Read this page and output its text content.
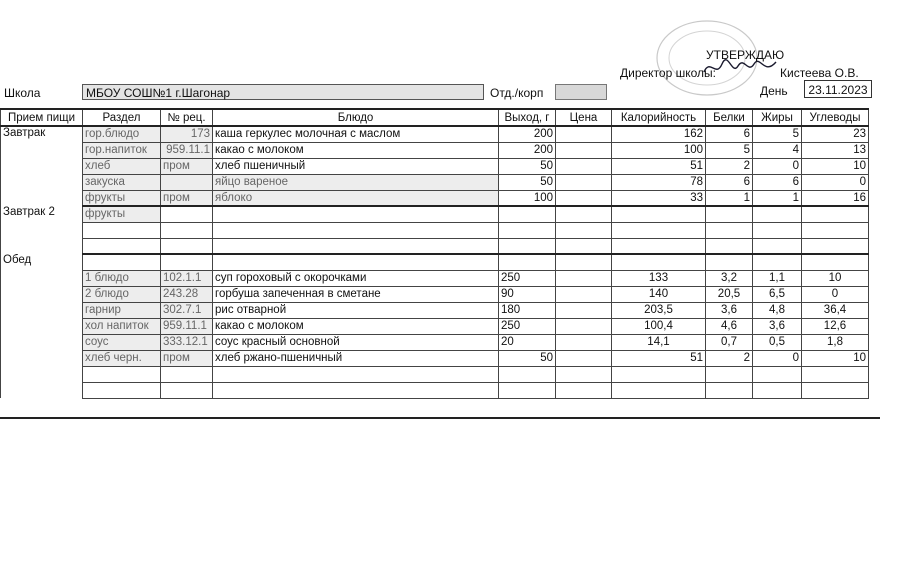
УТВЕРЖДАЮ
Директор школы:	Кистеева О.В.
Школа	МБОУ СОШ№1 г.Шагонар	Отд./корп	День	23.11.2023
Прием пищи	Раздел	№ рец.	Блюдо	Выход, г	Цена	Калорийность	Белки	Жиры	Углеводы
Завтрак	гор.блюдо	173	каша геркулес молочная с маслом	200		162	6	5	23
	гор.напиток	959.11.1	какао с молоком	200		100	5	4	13
	хлеб	пром	хлеб пшеничный	50		51	2	0	10
	закуска		яйцо вареное	50		78	6	6	0
	фрукты	пром	яблоко	100		33	1	1	16
Завтрак 2	фрукты								

Обед									
	1 блюдо	102.1.1	суп гороховый с окорочками	250		133	3,2	1,1	10
	2 блюдо	243.28	горбуша запеченная в сметане	90		140	20,5	6,5	0
	гарнир	302.7.1	рис отварной	180		203,5	3,6	4,8	36,4
	хол напиток	959.11.1	какао с молоком	250		100,4	4,6	3,6	12,6
	соус	333.12.1	соус красный основной	20		14,1	0,7	0,5	1,8
	хлеб черн.	пром	хлеб ржано-пшеничный	50		51	2	0	10
